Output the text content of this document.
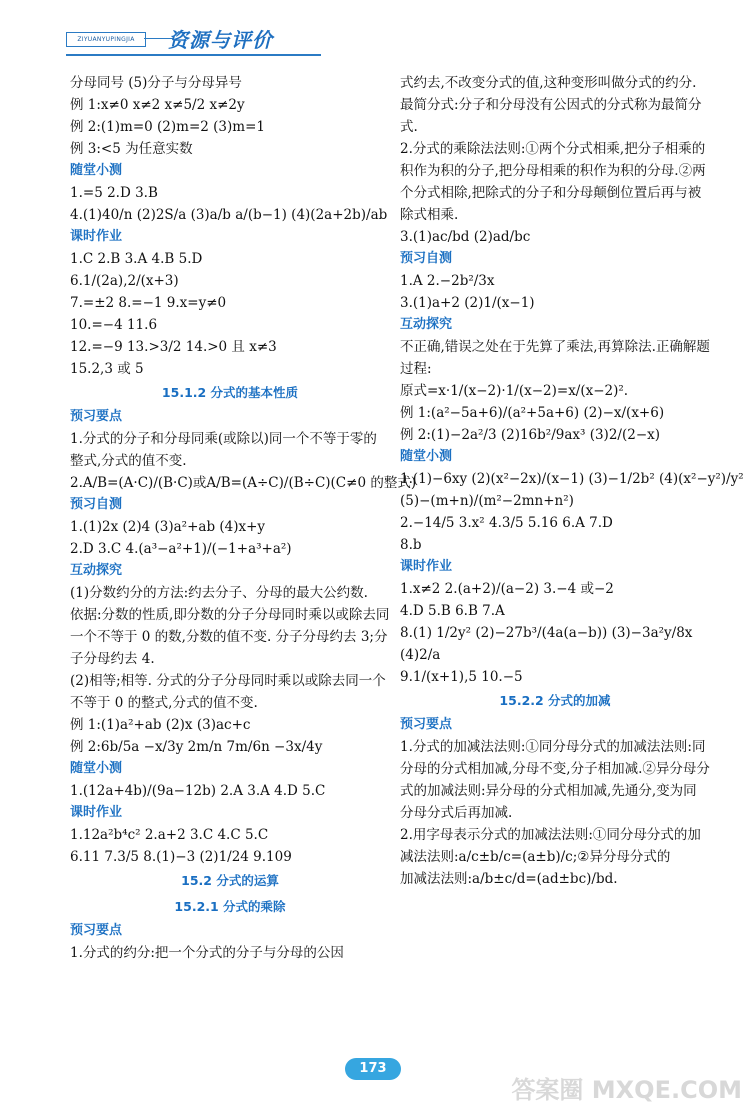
ZIYUANYUPINGJIA	资源与评价
分母同号 (5)分子与分母异号
例 1:x≠0 x≠2 x≠5/2 x≠2y
例 2:(1)m=0 (2)m=2 (3)m=1
例 3:<5 为任意实数
随堂小测
1.=5 2.D 3.B
4.(1)40/n (2)2S/a (3)a/b a/(b−1) (4)(2a+2b)/ab
课时作业
1.C 2.B 3.A 4.B 5.D
6.1/(2a),2/(x+3)
7.=±2 8.=−1 9.x=y≠0
10.=−4 11.6
12.=−9 13.>3/2 14.>0 且 x≠3
15.2,3 或 5
15.1.2 分式的基本性质
预习要点
1.分式的分子和分母同乘(或除以)同一个不等于零的整式,分式的值不变.
2.A/B=(A·C)/(B·C)或A/B=(A÷C)/(B÷C)(C≠0 的整式)
预习自测
1.(1)2x (2)4 (3)a²+ab (4)x+y
2.D 3.C 4.(a³−a²+1)/(−1+a³+a²)
互动探究
(1)分数约分的方法:约去分子、分母的最大公约数.
依据:分数的性质,即分数的分子分母同时乘以或除去同一个不等于 0 的数,分数的值不变. 分子分母约去 3;分子分母约去 4.
(2)相等;相等. 分式的分子分母同时乘以或除去同一个不等于 0 的整式,分式的值不变.
例 1:(1)a²+ab (2)x (3)ac+c
例 2:6b/5a −x/3y 2m/n 7m/6n −3x/4y
随堂小测
1.(12a+4b)/(9a−12b) 2.A 3.A 4.D 5.C
课时作业
1.12a²b⁴c² 2.a+2 3.C 4.C 5.C
6.11 7.3/5 8.(1)−3 (2)1/24 9.109
15.2 分式的运算
15.2.1 分式的乘除
预习要点
1.分式的约分:把一个分式的分子与分母的公因
式约去,不改变分式的值,这种变形叫做分式的约分. 最简分式:分子和分母没有公因式的分式称为最简分式.
2.分式的乘除法法则:①两个分式相乘,把分子相乘的积作为积的分子,把分母相乘的积作为积的分母.②两个分式相除,把除式的分子和分母颠倒位置后再与被除式相乘.
3.(1)ac/bd (2)ad/bc
预习自测
1.A 2.−2b²/3x
3.(1)a+2 (2)1/(x−1)
互动探究
不正确,错误之处在于先算了乘法,再算除法.正确解题过程:
原式=x·1/(x−2)·1/(x−2)=x/(x−2)².
例 1:(a²−5a+6)/(a²+5a+6) (2)−x/(x+6)
例 2:(1)−2a²/3 (2)16b²/9ax³ (3)2/(2−x)
随堂小测
1.(1)−6xy (2)(x²−2x)/(x−1) (3)−1/2b² (4)(x²−y²)/y²
(5)−(m+n)/(m²−2mn+n²)
2.−14/5 3.x² 4.3/5 5.16 6.A 7.D
8.b
课时作业
1.x≠2 2.(a+2)/(a−2) 3.−4 或−2
4.D 5.B 6.B 7.A
8.(1) 1/2y² (2)−27b³/(4a(a−b)) (3)−3a²y/8x
(4)2/a
9.1/(x+1),5 10.−5
15.2.2 分式的加减
预习要点
1.分式的加减法法则:①同分母分式的加减法法则:同分母的分式相加减,分母不变,分子相加减.②异分母分式的加减法则:异分母的分式相加减,先通分,变为同分母分式后再加减.
2.用字母表示分式的加减法法则:①同分母分式的加减法法则:a/c±b/c=(a±b)/c;②异分母分式的
加减法法则:a/b±c/d=(ad±bc)/bd.
173
答案圈 MXQE.COM
